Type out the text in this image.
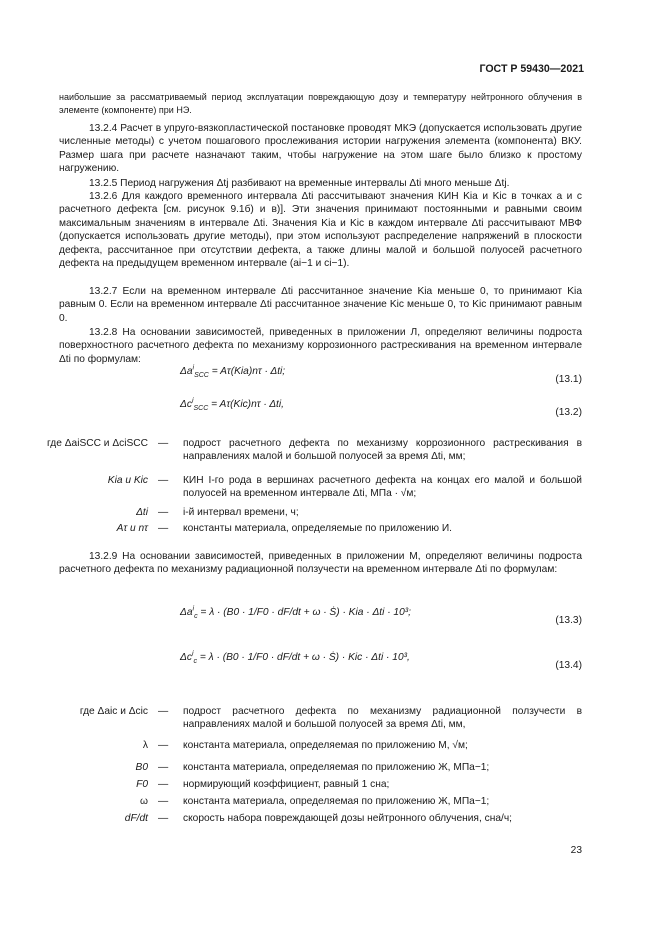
ГОСТ Р 59430—2021
наибольшие за рассматриваемый период эксплуатации повреждающую дозу и температуру нейтронного облучения в элементе (компоненте) при НЭ.
13.2.4 Расчет в упруго-вязкопластической постановке проводят МКЭ (допускается использовать другие численные методы) с учетом пошагового прослеживания истории нагружения элемента (компонента) ВКУ. Размер шага при расчете назначают таким, чтобы нагружение на этом шаге было близко к простому нагружению.
13.2.5 Период нагружения Δtj разбивают на временные интервалы Δti много меньше Δtj.
13.2.6 Для каждого временного интервала Δti рассчитывают значения КИН Kia и Kic в точках a и c расчетного дефекта [см. рисунок 9.1б) и в)]. Эти значения принимают постоянными и равными своим максимальным значениям в интервале Δti. Значения Kia и Kic в каждом интервале Δti рассчитывают МВФ (допускается использовать другие методы), при этом используют распределение напряжений в плоскости дефекта, рассчитанное при отсутствии дефекта, а также длины малой и большой полуосей расчетного дефекта на предыдущем временном интервале (ai−1 и ci−1).
13.2.7 Если на временном интервале Δti рассчитанное значение Kia меньше 0, то принимают Kia равным 0. Если на временном интервале Δti рассчитанное значение Kic меньше 0, то Kic принимают равным 0.
13.2.8 На основании зависимостей, приведенных в приложении Л, определяют величины подроста поверхностного расчетного дефекта по механизму коррозионного растрескивания на временном интервале Δti по формулам:
$\Delta a^i_{SCC} = A\tau(Kia)n\tau \cdot \Delta ti$;
(13.1)
$\Delta c^i_{SCC} = A\tau(Kic)n\tau \cdot \Delta ti$,
(13.2)
где ΔaiSCC и ΔciSCC —	подрост расчетного дефекта по механизму коррозионного растрескивания в направлениях малой и большой полуосей за время Δti, мм;
Kia и Kic —	КИН I-го рода в вершинах расчетного дефекта на концах его малой и большой полуосей на временном интервале Δti, МПа · √м;
Δti —	i-й интервал времени, ч;
Aτ и nτ —	константы материала, определяемые по приложению И.
13.2.9 На основании зависимостей, приведенных в приложении М, определяют величины подроста расчетного дефекта по механизму радиационной ползучести на временном интервале Δti по формулам:
$\Delta a^i_c = \lambda \cdot (B0 \cdot 1/F0 \cdot dF/dt + \omega$ · Ṡ) · Kia · Δti · 10³;
(13.3)
$\Delta c^i_c = \lambda \cdot (B0 \cdot 1/F0 \cdot dF/dt + \omega$ · Ṡ) · Kic · Δti · 10³,
(13.4)
где Δaic и Δcic —	подрост расчетного дефекта по механизму радиационной ползучести в направлениях малой и большой полуосей за время Δti, мм,
λ —	константа материала, определяемая по приложению М, √м;
B0 —	константа материала, определяемая по приложению Ж, МПа−1;
F0 —	нормирующий коэффициент, равный 1 сна;
ω —	константа материала, определяемая по приложению Ж, МПа−1;
dF/dt —	скорость набора повреждающей дозы нейтронного облучения, сна/ч;
23
